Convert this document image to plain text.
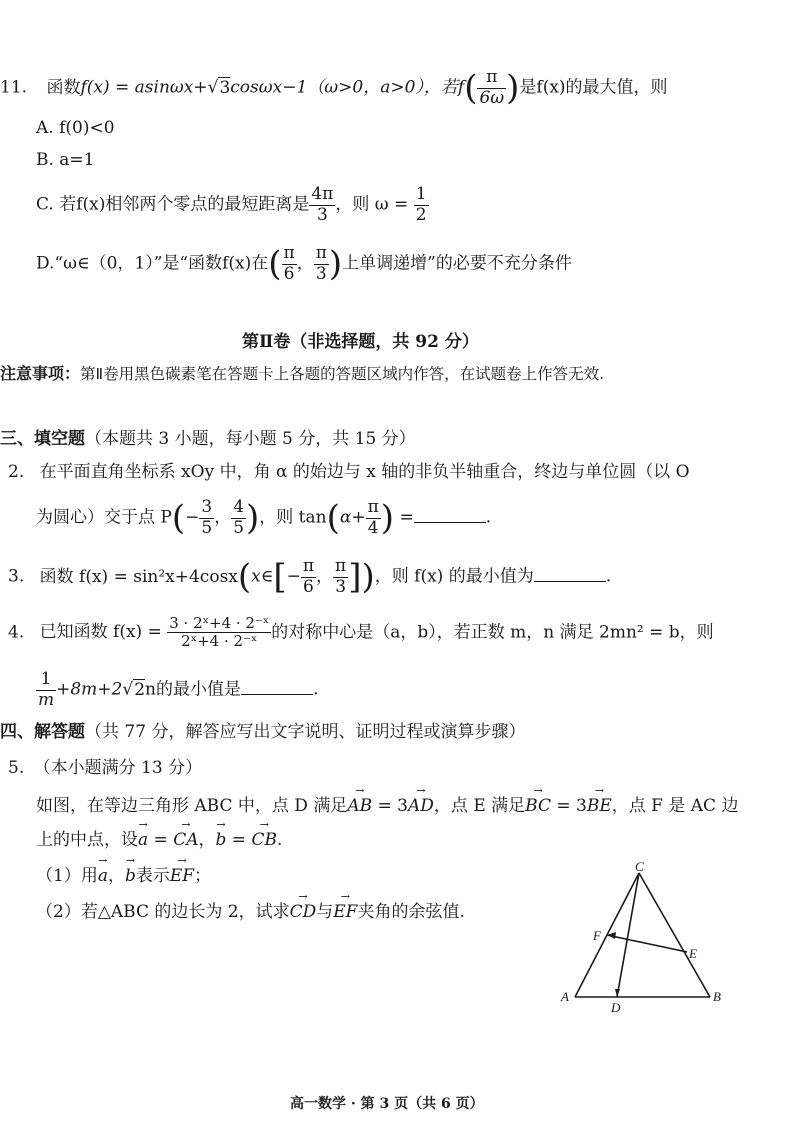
11. 函数f(x) = asinωx+√3cosωx−1（ω>0，a>0），若$f( \frac{\pi}{6\omega}$ )是f(x)的最大值，则
A. f(0)<0
B. a=1
C. 若f(x)相邻两个零点的最短距离是 $\frac{4\pi}{3}$ ，则 $\omega = \frac{1}{2}$
D.“ω∈（0，1）”是“函数f(x)在( $\frac{\pi}{6}$ ， $\frac{\pi}{3}$ )上单调递增”的必要不充分条件
第Ⅱ卷（非选择题，共 92 分）
注意事项：第Ⅱ卷用黑色碳素笔在答题卡上各题的答题区域内作答，在试题卷上作答无效.
三、填空题（本题共 3 小题，每小题 5 分，共 15 分）
2. 在平面直角坐标系 xOy 中，角 α 的始边与 x 轴的非负半轴重合，终边与单位圆（以 O
为圆心）交于点 $P(- \frac{3}{5}$ ， $\frac{4}{5}$ )，则 $\tan(\alpha+ \frac{\pi}{4}$ ) =	.
3. 函数 f(x) = sin²x+4cosx(x∈[− $\frac{\pi}{6}$ ， $\frac{\pi}{3}$ ])，则 f(x) 的最小值为	.
4. 已知函数 $f(x) = \frac{\text{3 · 2ˣ+4 · 2⁻ˣ}}{\text{2ˣ+4 · 2⁻ˣ}}$ 的对称中心是（a，b），若正数 m，n 满足 2mn² = b，则
$\frac{1}{m} +8m+2√2n$的最小值是	.
四、解答题（共 77 分，解答应写出文字说明、证明过程或演算步骤）
5. （本小题满分 13 分）
如图，在等边三角形 ABC 中，点 D 满足→ AB = 3→ AD，点 E 满足→ BC = 3→ BE，点 F 是 AC 边
上的中点，设→ a = → CA，→ b = → CB.
（1）用→ a，→ b表示→ EF；
（2）若△ABC 的边长为 2，试求→ CD与→ EF夹角的余弦值.
C
F
E
A
D
B
高一数学 · 第 3 页（共 6 页）
